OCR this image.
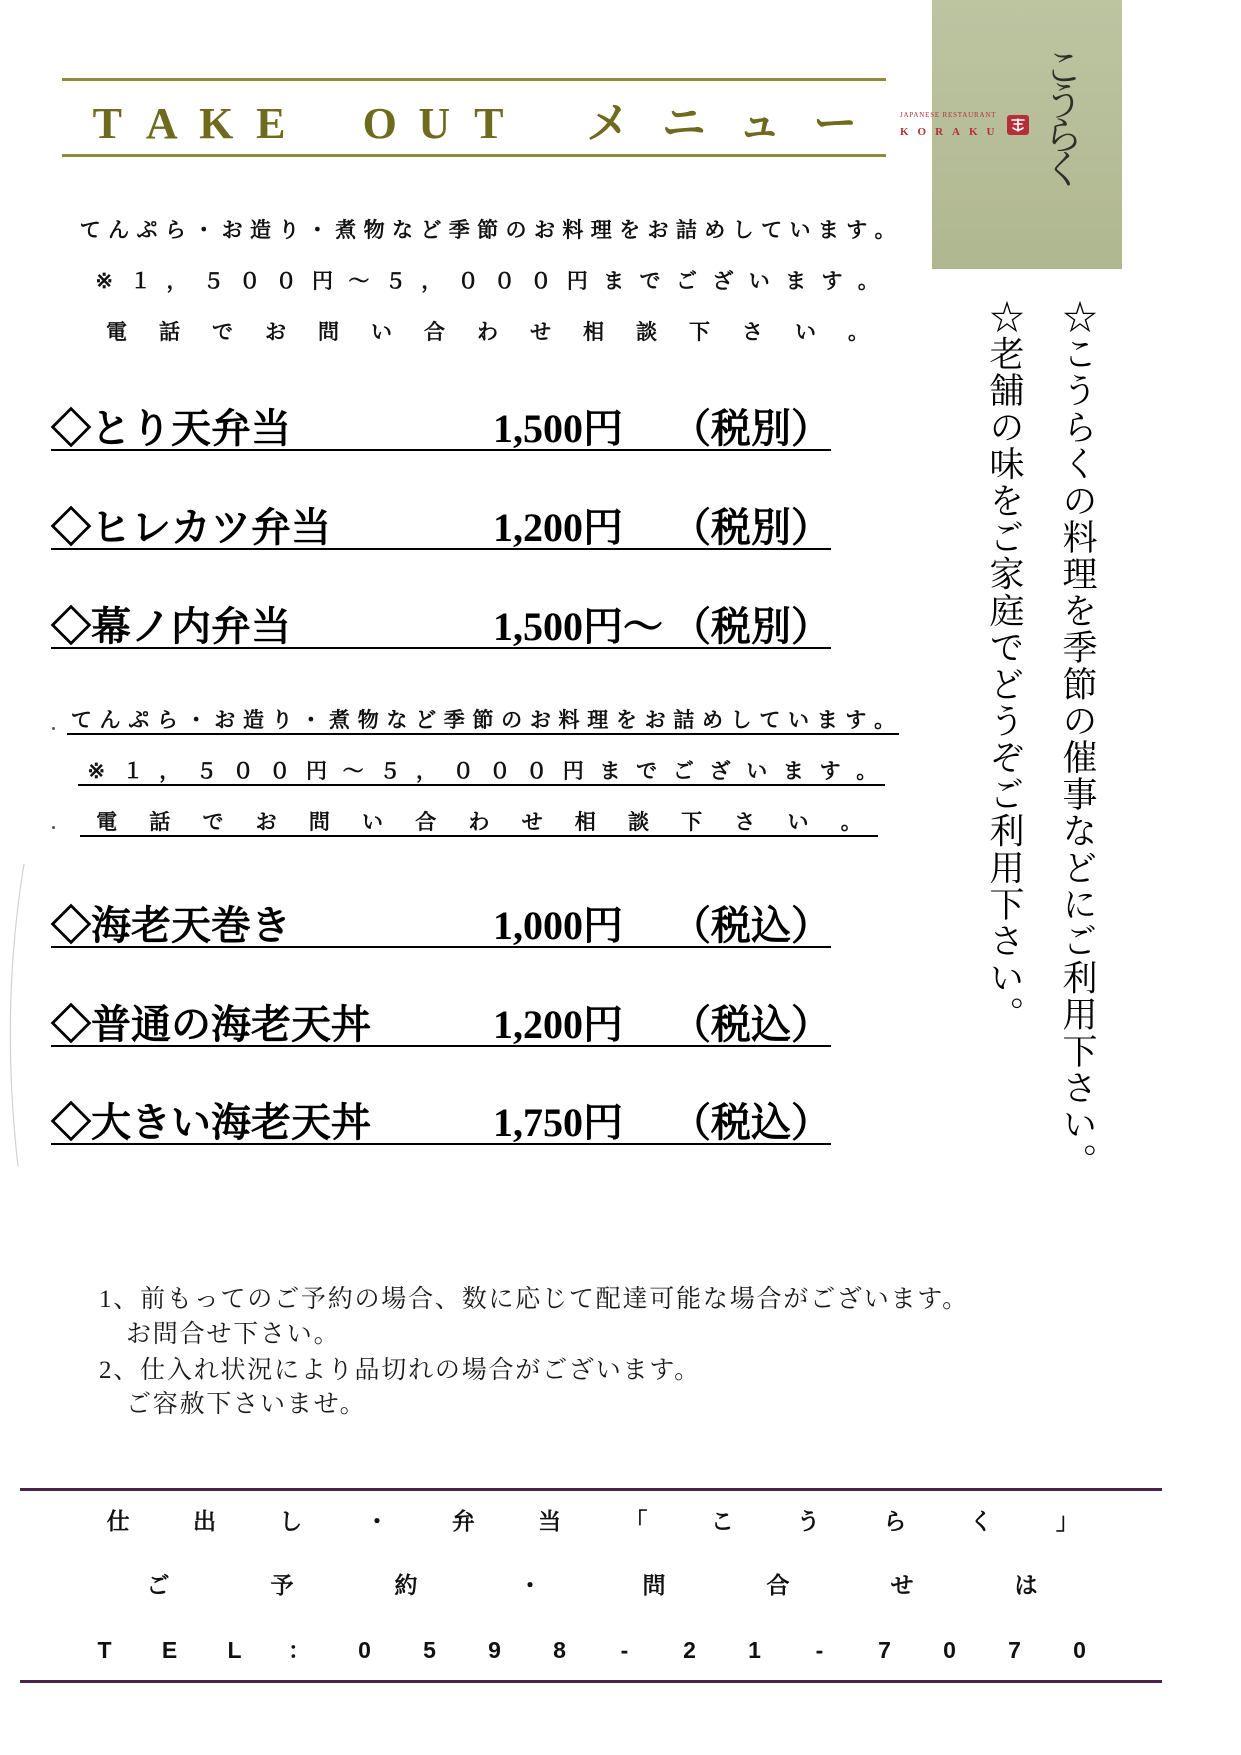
こうらく
JAPANESE RESTAURANT
KORAKU
T A K E
O U T
	メ ニ ュ ー
て ん ぷ ら ・ お 造 り ・ 煮 物 な ど 季 節 の お 料 理 を お 詰 め し て い ま す 。
※ １ ， ５ ０ ０ 円 ～ ５ ， ０ ０ ０ 円 ま で ご ざ い ま す 。
電	話	で	お	問	い	合	わ	せ	相	談	下	さ	い	。
◇とり天弁当	1,500円 （税別）
◇ヒレカツ弁当	1,200円 （税別）
◇幕ノ内弁当	1,500円～ （税別）
て ん ぷ ら ・ お 造 り ・ 煮 物 な ど 季 節 の お 料 理 を お 詰 め し て い ま す 。
※ １ ， ５ ０ ０ 円 ～ ５ ， ０ ０ ０ 円 ま で ご ざ い ま す 。
電	話	で	お	問	い	合	わ	せ	相	談	下	さ	い	。
◇海老天巻き	1,000円 （税込）
◇普通の海老天丼	1,200円 （税込）
◇大きい海老天丼	1,750円 （税込）	☆こうらくの料理を季節の催事などにご利用下さい。
☆老舗の味をご家庭でどうぞご利用下さい。
1、前もってのご予約の場合、数に応じて配達可能な場合がございます。
お問合せ下さい。
2、仕入れ状況により品切れの場合がございます。
ご容赦下さいませ。
仕	出	し	・	弁	当	「	こ	う	ら	く	」
ご	予	約	・	問	合	せ	は
T	E	L	：	0	5	9	8	-	2	1	-	7	0	7	0
